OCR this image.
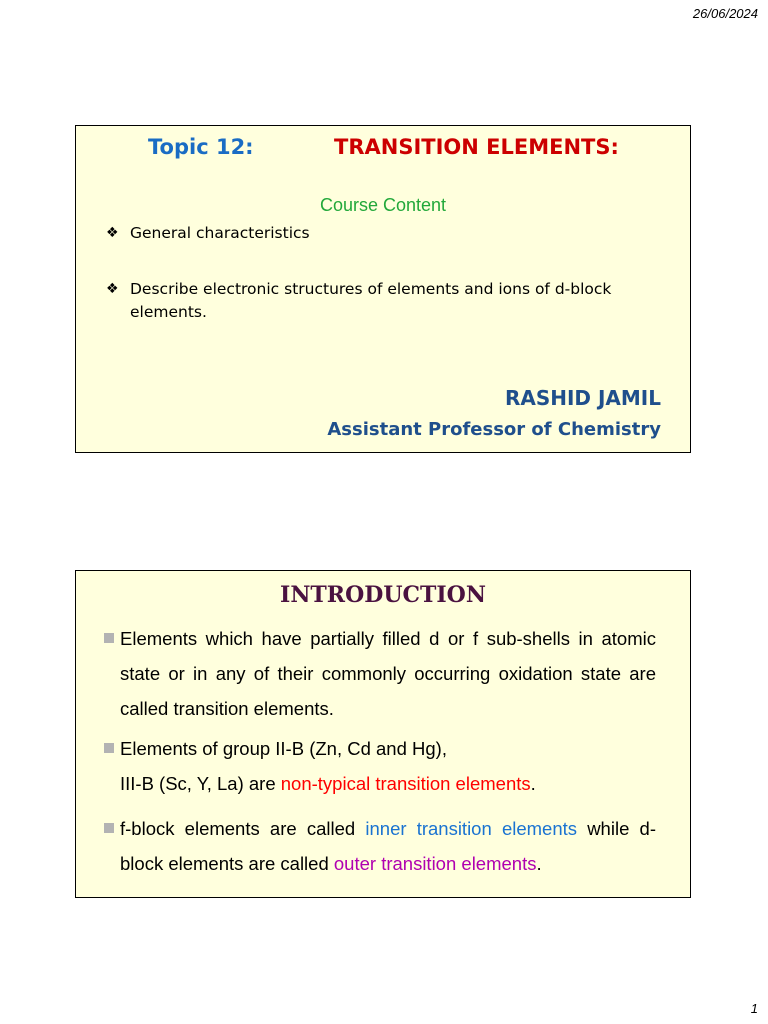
26/06/2024
Topic 12:	TRANSITION ELEMENTS:
Course Content
❖ General characteristics
❖ Describe electronic structures of elements and ions of d-block elements.
RASHID JAMIL
Assistant Professor of Chemistry
INTRODUCTION
Elements which have partially filled d or f sub-shells in atomic state or in any of their commonly occurring oxidation state are called transition elements.
Elements of group II-B (Zn, Cd and Hg),
III-B (Sc, Y, La) are non-typical transition elements.
f-block elements are called inner transition elements while d-block elements are called outer transition elements.
1
